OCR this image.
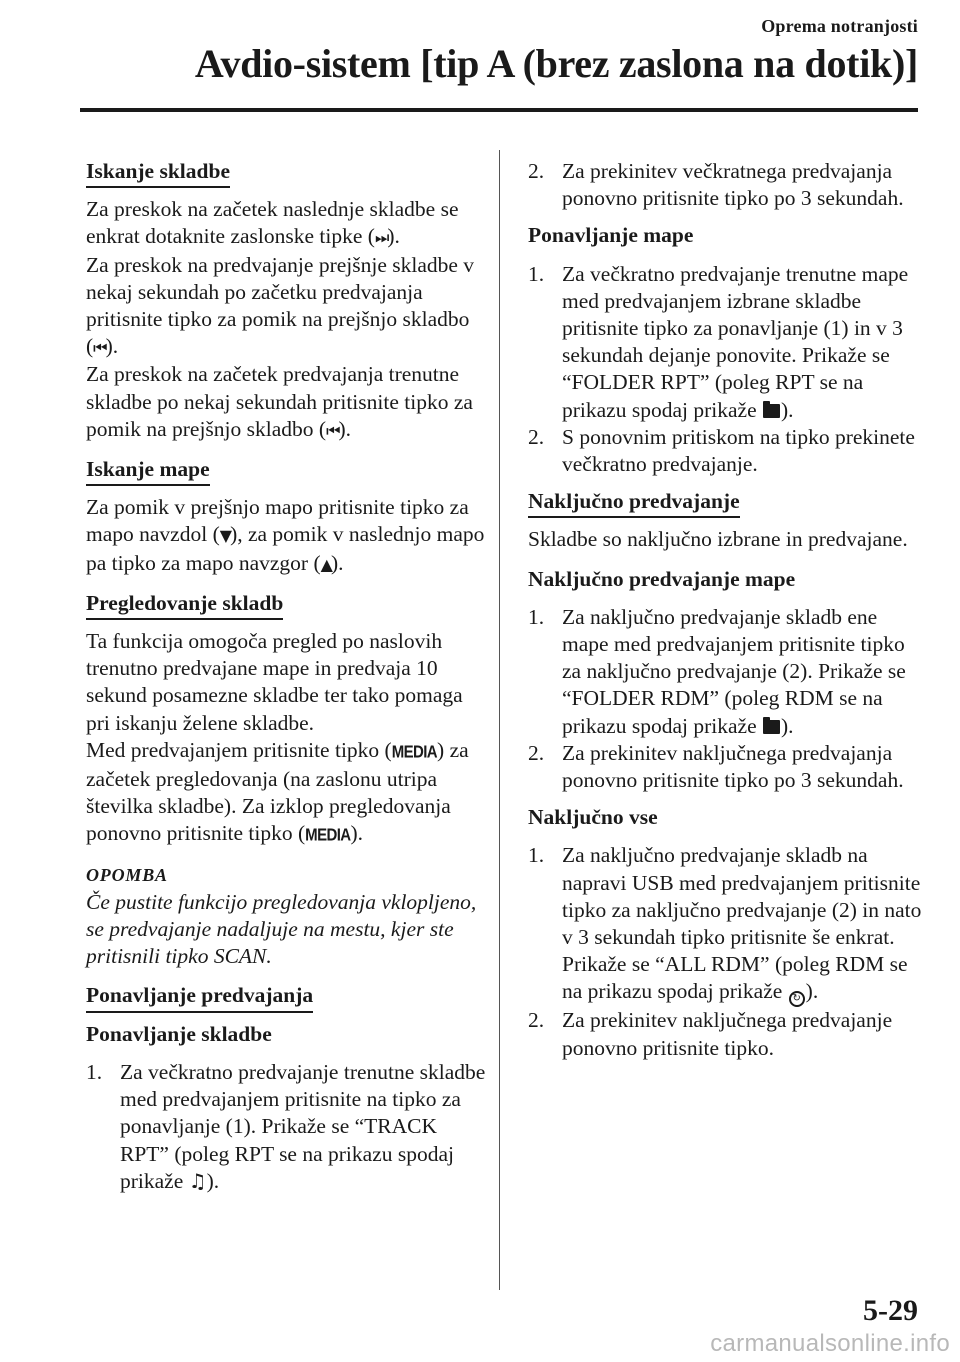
Oprema notranjosti
Avdio-sistem [tip A (brez zaslona na dotik)]
Iskanje skladbe

Za preskok na začetek naslednje skladbe se enkrat dotaknite zaslonske tipke (⏭).
Za preskok na predvajanje prejšnje skladbe v nekaj sekundah po začetku predvajanja pritisnite tipko za pomik na prejšnjo skladbo (⏮).
Za preskok na začetek predvajanja trenutne skladbe po nekaj sekundah pritisnite tipko za pomik na prejšnjo skladbo (⏮).

Iskanje mape

Za pomik v prejšnjo mapo pritisnite tipko za mapo navzdol (▼), za pomik v naslednjo mapo pa tipko za mapo navzgor (▲).

Pregledovanje skladb

Ta funkcija omogoča pregled po naslovih trenutno predvajane mape in predvaja 10 sekund posamezne skladbe ter tako pomaga pri iskanju želene skladbe.
Med predvajanjem pritisnite tipko (MEDIA) za začetek pregledovanja (na zaslonu utripa številka skladbe). Za izklop pregledovanja ponovno pritisnite tipko (MEDIA).

OPOMBA
Če pustite funkcijo pregledovanja vklopljeno, se predvajanje nadaljuje na mestu, kjer ste pritisnili tipko SCAN.
Ponavljanje predvajanja
Ponavljanje skladbe
1. Za večkratno predvajanje trenutne skladbe med predvajanjem pritisnite na tipko za ponavljanje (1). Prikaže se “TRACK RPT” (poleg RPT se na prikazu spodaj prikaže ♫).
2. Za prekinitev večkratnega predvajanja ponovno pritisnite tipko po 3 sekundah.
Ponavljanje mape
1. Za večkratno predvajanje trenutne mape med predvajanjem izbrane skladbe pritisnite tipko za ponavljanje (1) in v 3 sekundah dejanje ponovite. Prikaže se “FOLDER RPT” (poleg RPT se na prikazu spodaj prikaže ).
2. S ponovnim pritiskom na tipko prekinete večkratno predvajanje.
Naključno predvajanje

Skladbe so naključno izbrane in predvajane.

Naključno predvajanje mape
1. Za naključno predvajanje skladb ene mape med predvajanjem pritisnite tipko za naključno predvajanje (2). Prikaže se “FOLDER RDM” (poleg RDM se na prikazu spodaj prikaže ).
2. Za prekinitev naključnega predvajanja ponovno pritisnite tipko po 3 sekundah.
Naključno vse
1. Za naključno predvajanje skladb na napravi USB med predvajanjem pritisnite tipko za naključno predvajanje (2) in nato v 3 sekundah tipko pritisnite še enkrat. Prikaže se “ALL RDM” (poleg RDM se na prikazu spodaj prikaže ↻ ).
2. Za prekinitev naključnega predvajanje ponovno pritisnite tipko.
5-29
carmanualsonline.info
